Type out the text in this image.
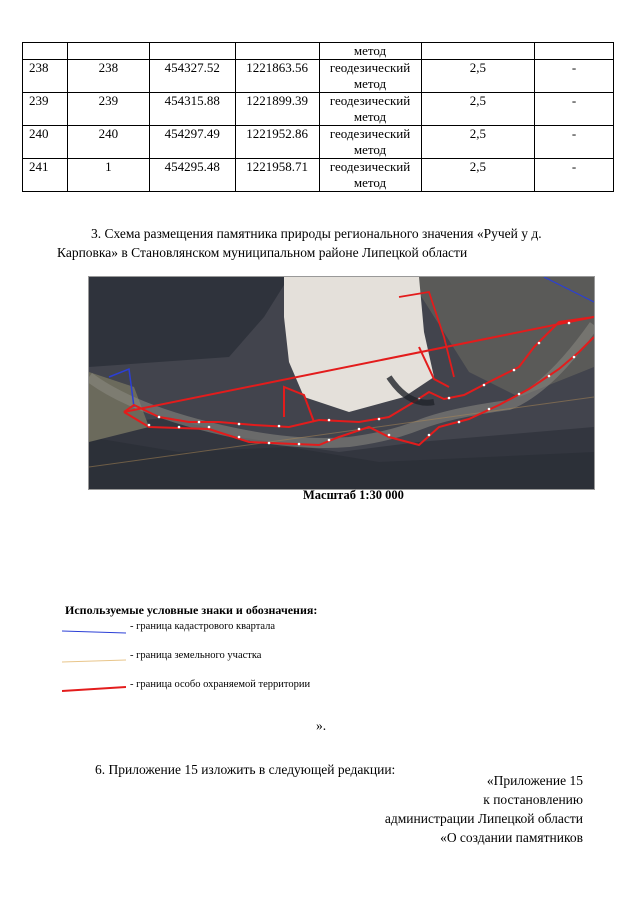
				метод		
238	238	454327.52	1221863.56	геодезический
метод	2,5	-
239	239	454315.88	1221899.39	геодезический
метод	2,5	-
240	240	454297.49	1221952.86	геодезический
метод	2,5	-
241	1	454295.48	1221958.71	геодезический
метод	2,5	-
3. Схема размещения памятника природы регионального значения «Ручей у д. Карповка» в Становлянском муниципальном районе Липецкой области
Масштаб 1:30 000
Используемые условные знаки и обозначения:
- граница кадастрового квартала
- граница земельного участка
- граница особо охраняемой территории
».
6. Приложение 15 изложить в следующей редакции:
«Приложение 15
к постановлению
администрации Липецкой области
«О создании памятников
